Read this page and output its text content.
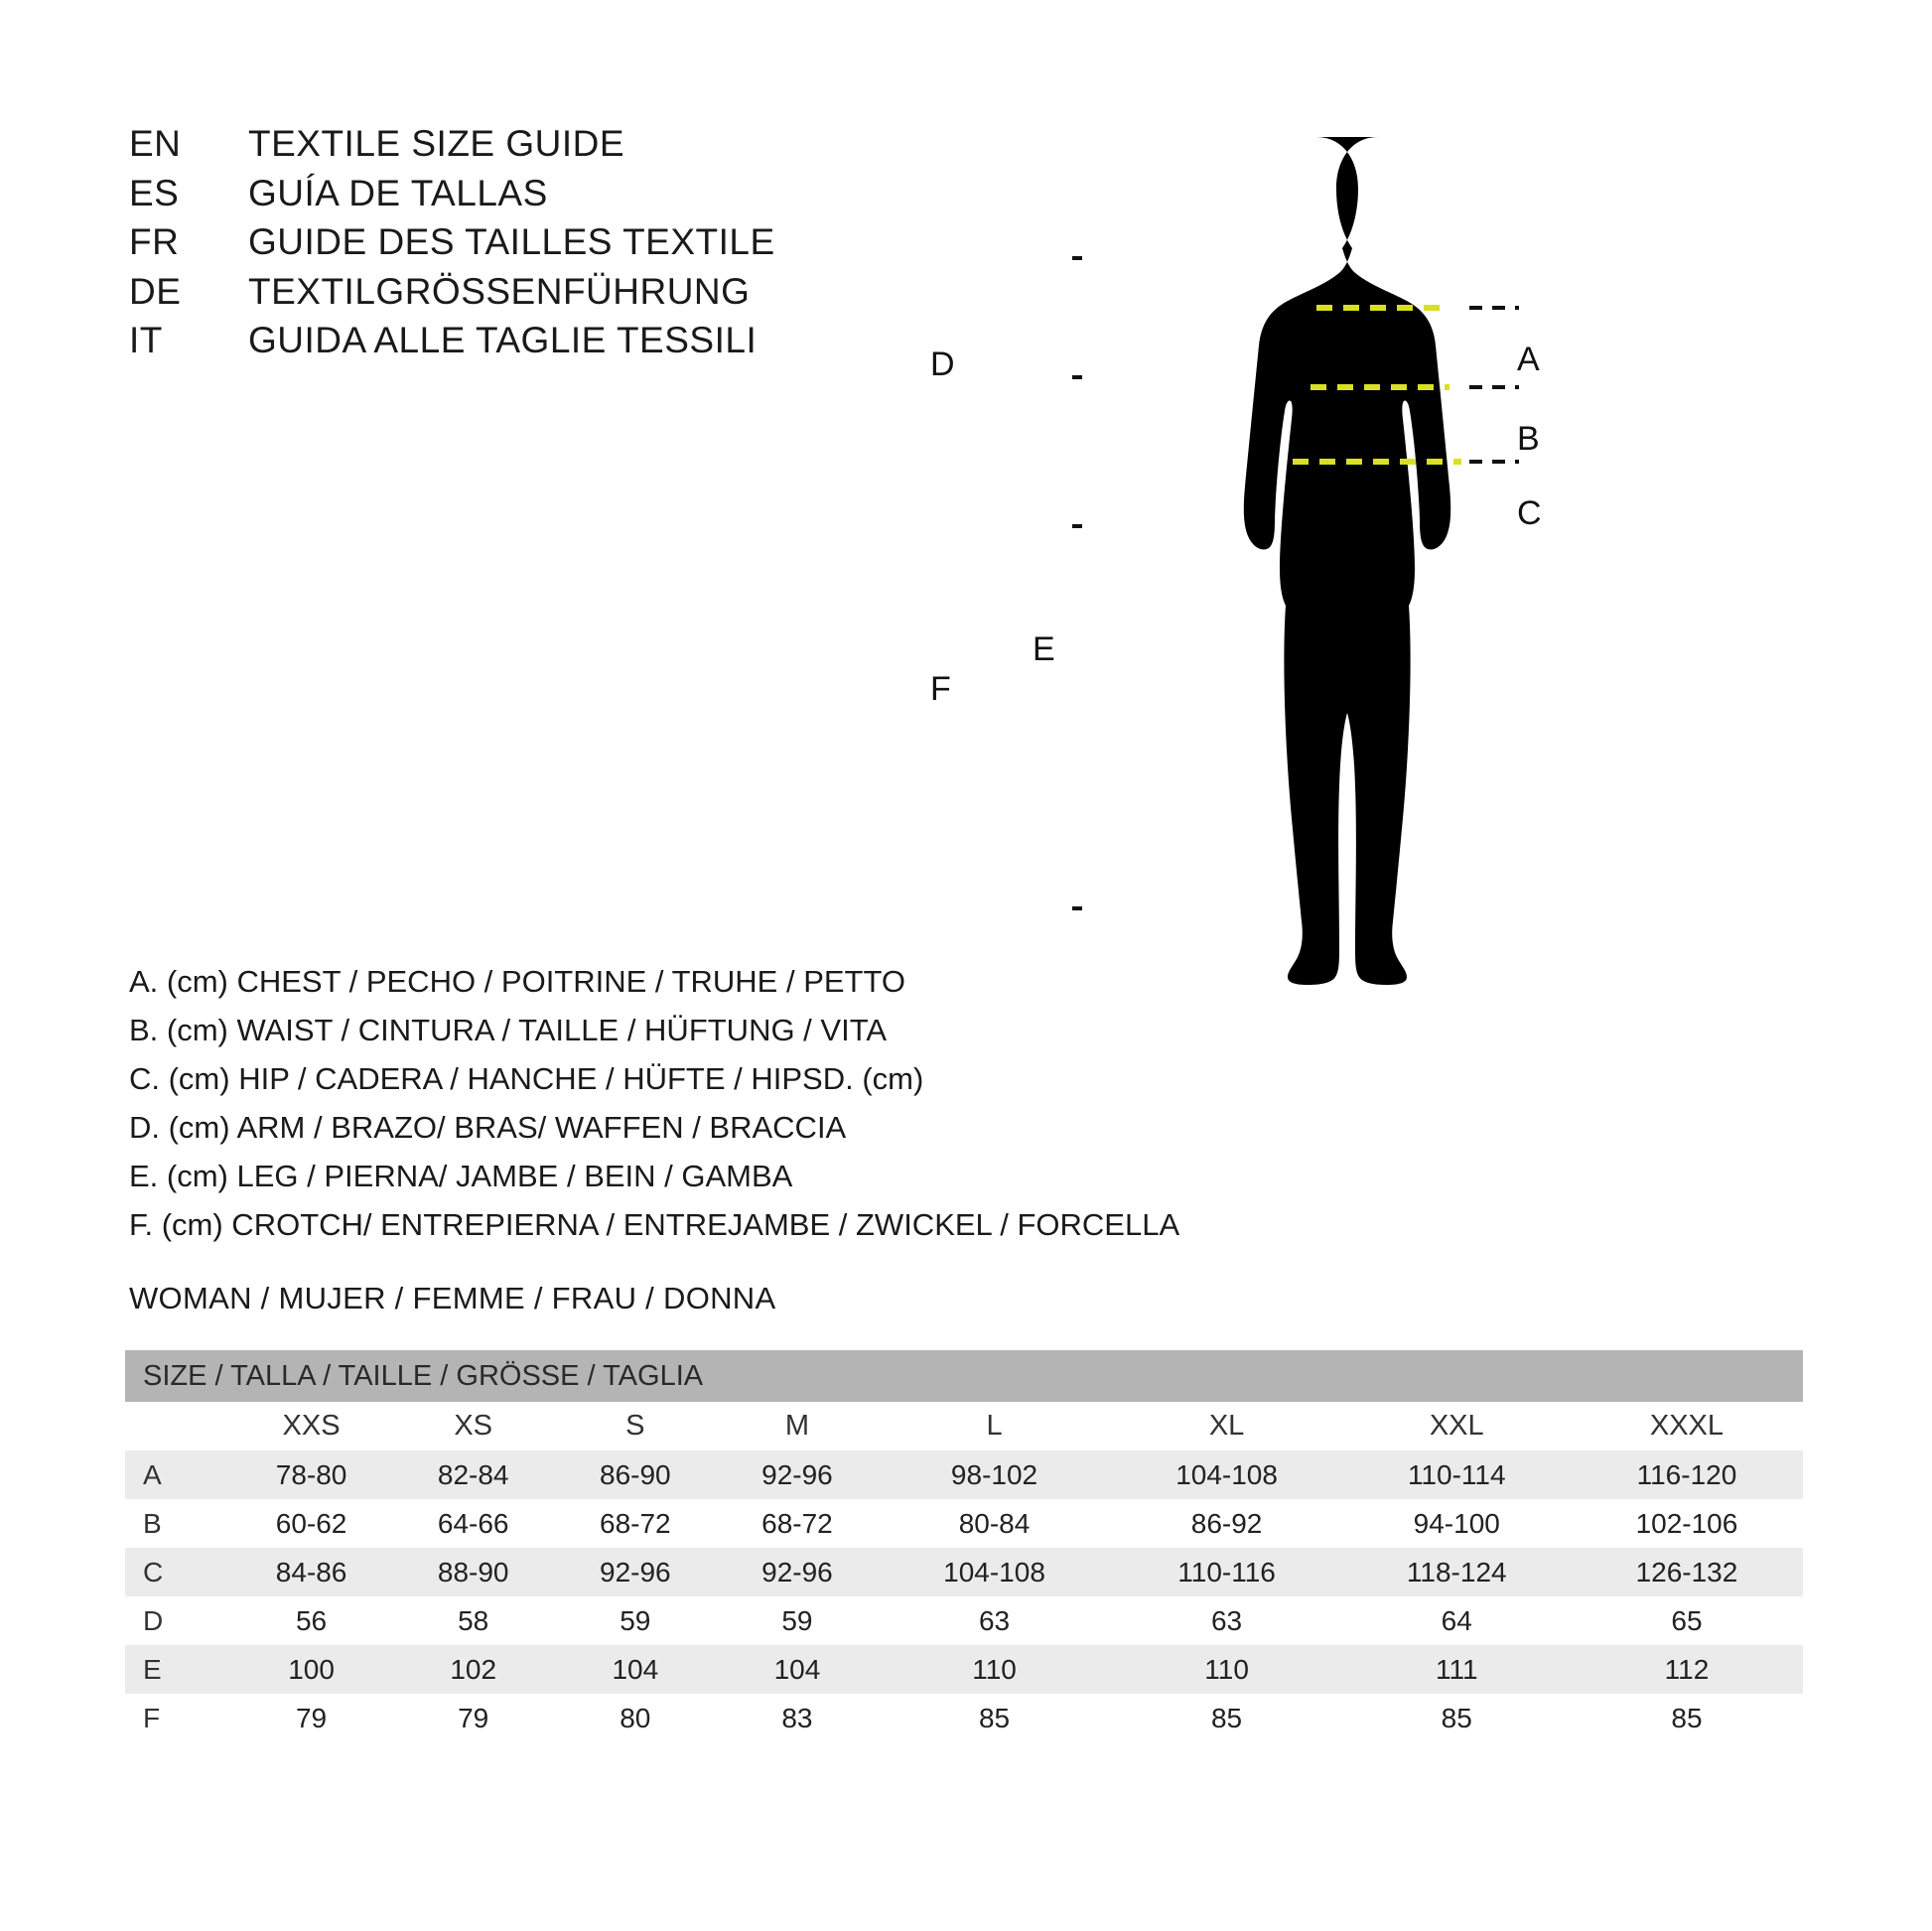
EN	TEXTILE SIZE GUIDE
ES	GUÍA DE TALLAS
FR	GUIDE DES TAILLES TEXTILE
DE	TEXTILGRÖSSENFÜHRUNG
IT	GUIDA ALLE TAGLIE TESSILI	A
B
C
D
E
F
A. (cm) CHEST / PECHO / POITRINE / TRUHE / PETTO
B. (cm) WAIST / CINTURA / TAILLE / HÜFTUNG / VITA
C. (cm) HIP / CADERA / HANCHE / HÜFTE / HIPSD. (cm)
D. (cm) ARM / BRAZO/ BRAS/ WAFFEN / BRACCIA
E. (cm) LEG / PIERNA/ JAMBE / BEIN / GAMBA
F. (cm) CROTCH/ ENTREPIERNA / ENTREJAMBE / ZWICKEL / FORCELLA
WOMAN / MUJER / FEMME / FRAU / DONNA
SIZE / TALLA / TAILLE / GRÖSSE / TAGLIA								
	XXS	XS	S	M	L	XL	XXL	XXXL
A	78-80	82-84	86-90	92-96	98-102	104-108	110-114	116-120
B	60-62	64-66	68-72	68-72	80-84	86-92	94-100	102-106
C	84-86	88-90	92-96	92-96	104-108	110-116	118-124	126-132
D	56	58	59	59	63	63	64	65
E	100	102	104	104	110	110	111	112
F	79	79	80	83	85	85	85	85
